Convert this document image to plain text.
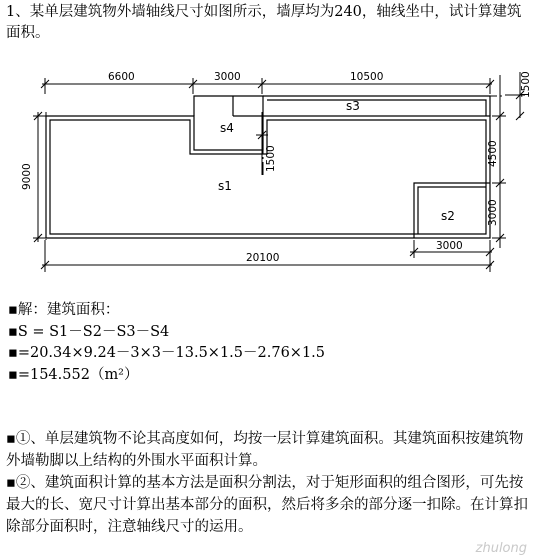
1、某单层建筑物外墙轴线尺寸如图所示，墙厚均为240，轴线坐中，试计算建筑面积。
6600	3000	10500	1500
9000
1500	4500
3000
3000
20100
s1
s2
s3
s4
▪解：建筑面积：
▪S = S1－S2－S3－S4
▪=20.34×9.24－3×3－13.5×1.5－2.76×1.5
▪=154.552（m²）

▪①、单层建筑物不论其高度如何，均按一层计算建筑面积。其建筑面积按建筑物外墙勒脚以上结构的外围水平面积计算。

▪②、建筑面积计算的基本方法是面积分割法，对于矩形面积的组合图形，可先按最大的长、宽尺寸计算出基本部分的面积，然后将多余的部分逐一扣除。在计算扣除部分面积时，注意轴线尺寸的运用。

zhulong
